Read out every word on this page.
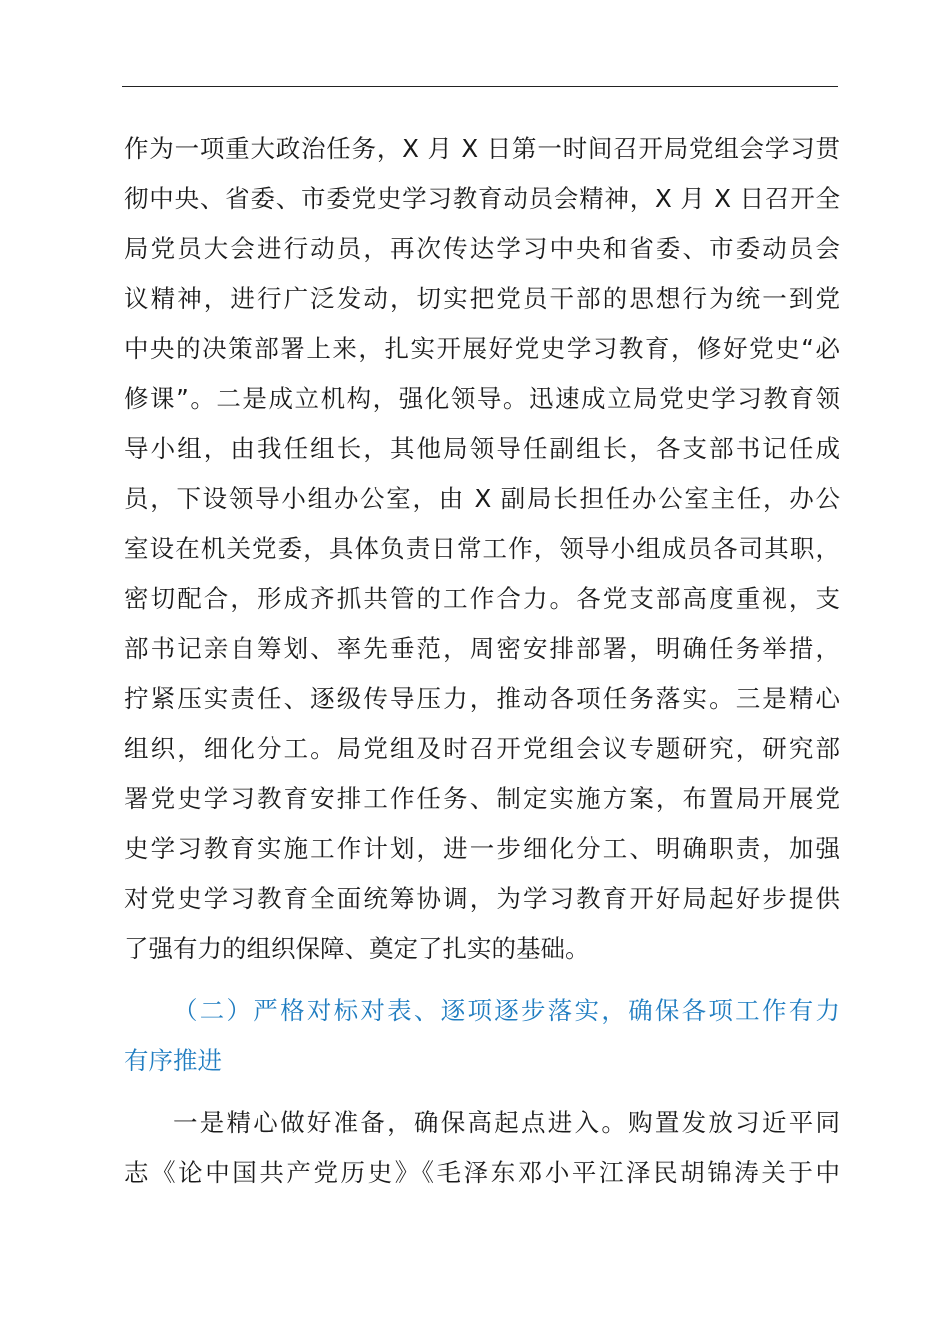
作为一项重大政治任务，X 月 X 日第一时间召开局党组会学习贯
彻中央、省委、市委党史学习教育动员会精神，X 月 X 日召开全
局党员大会进行动员，再次传达学习中央和省委、市委动员会
议精神，进行广泛发动，切实把党员干部的思想行为统一到党
中央的决策部署上来，扎实开展好党史学习教育，修好党史“必
修课”。二是成立机构，强化领导。迅速成立局党史学习教育领
导小组，由我任组长，其他局领导任副组长，各支部书记任成
员，下设领导小组办公室，由 X 副局长担任办公室主任，办公
室设在机关党委，具体负责日常工作，领导小组成员各司其职，
密切配合，形成齐抓共管的工作合力。各党支部高度重视，支
部书记亲自筹划、率先垂范，周密安排部署，明确任务举措，
拧紧压实责任、逐级传导压力，推动各项任务落实。三是精心
组织，细化分工。局党组及时召开党组会议专题研究，研究部
署党史学习教育安排工作任务、制定实施方案，布置局开展党
史学习教育实施工作计划，进一步细化分工、明确职责，加强
对党史学习教育全面统筹协调，为学习教育开好局起好步提供
了强有力的组织保障、奠定了扎实的基础。
（二）严格对标对表、逐项逐步落实，确保各项工作有力
有序推进
一是精心做好准备，确保高起点进入。购置发放习近平同
志《论中国共产党历史》《毛泽东邓小平江泽民胡锦涛关于中
